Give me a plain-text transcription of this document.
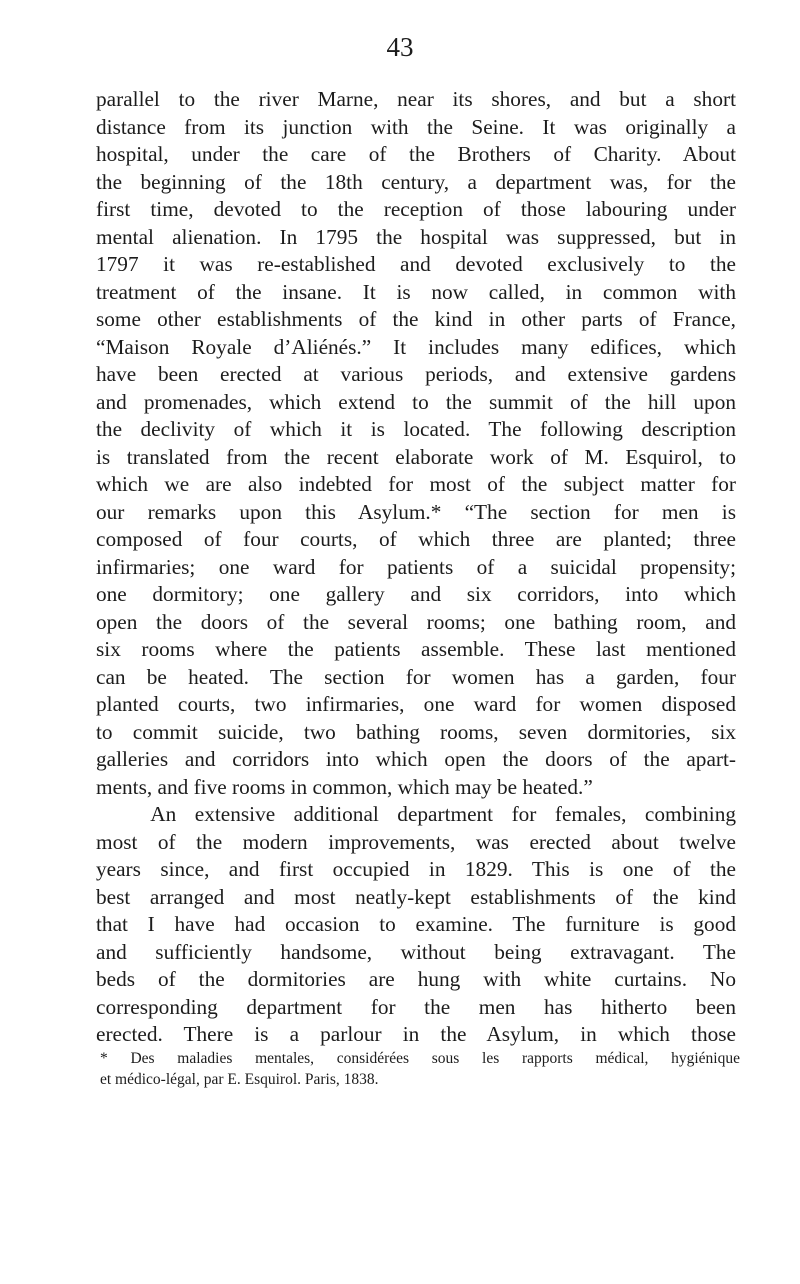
43
parallel to the river Marne, near its shores, and but a short
distance from its junction with the Seine. It was originally a
hospital, under the care of the Brothers of Charity. About
the beginning of the 18th century, a department was, for the
first time, devoted to the reception of those labouring under
mental alienation. In 1795 the hospital was suppressed, but in
1797 it was re-established and devoted exclusively to the
treatment of the insane. It is now called, in common with
some other establishments of the kind in other parts of France,
“Maison Royale d’Aliénés.” It includes many edifices, which
have been erected at various periods, and extensive gardens
and promenades, which extend to the summit of the hill upon
the declivity of which it is located. The following description
is translated from the recent elaborate work of M. Esquirol, to
which we are also indebted for most of the subject matter for
our remarks upon this Asylum.* “The section for men is
composed of four courts, of which three are planted; three
infirmaries; one ward for patients of a suicidal propensity;
one dormitory; one gallery and six corridors, into which
open the doors of the several rooms; one bathing room, and
six rooms where the patients assemble. These last mentioned
can be heated. The section for women has a garden, four
planted courts, two infirmaries, one ward for women disposed
to commit suicide, two bathing rooms, seven dormitories, six
galleries and corridors into which open the doors of the apart-
ments, and five rooms in common, which may be heated.”
An extensive additional department for females, combining
most of the modern improvements, was erected about twelve
years since, and first occupied in 1829. This is one of the
best arranged and most neatly-kept establishments of the kind
that I have had occasion to examine. The furniture is good
and sufficiently handsome, without being extravagant. The
beds of the dormitories are hung with white curtains. No
corresponding department for the men has hitherto been
erected. There is a parlour in the Asylum, in which those
* Des maladies mentales, considérées sous les rapports médical, hygiénique
et médico-légal, par E. Esquirol. Paris, 1838.
